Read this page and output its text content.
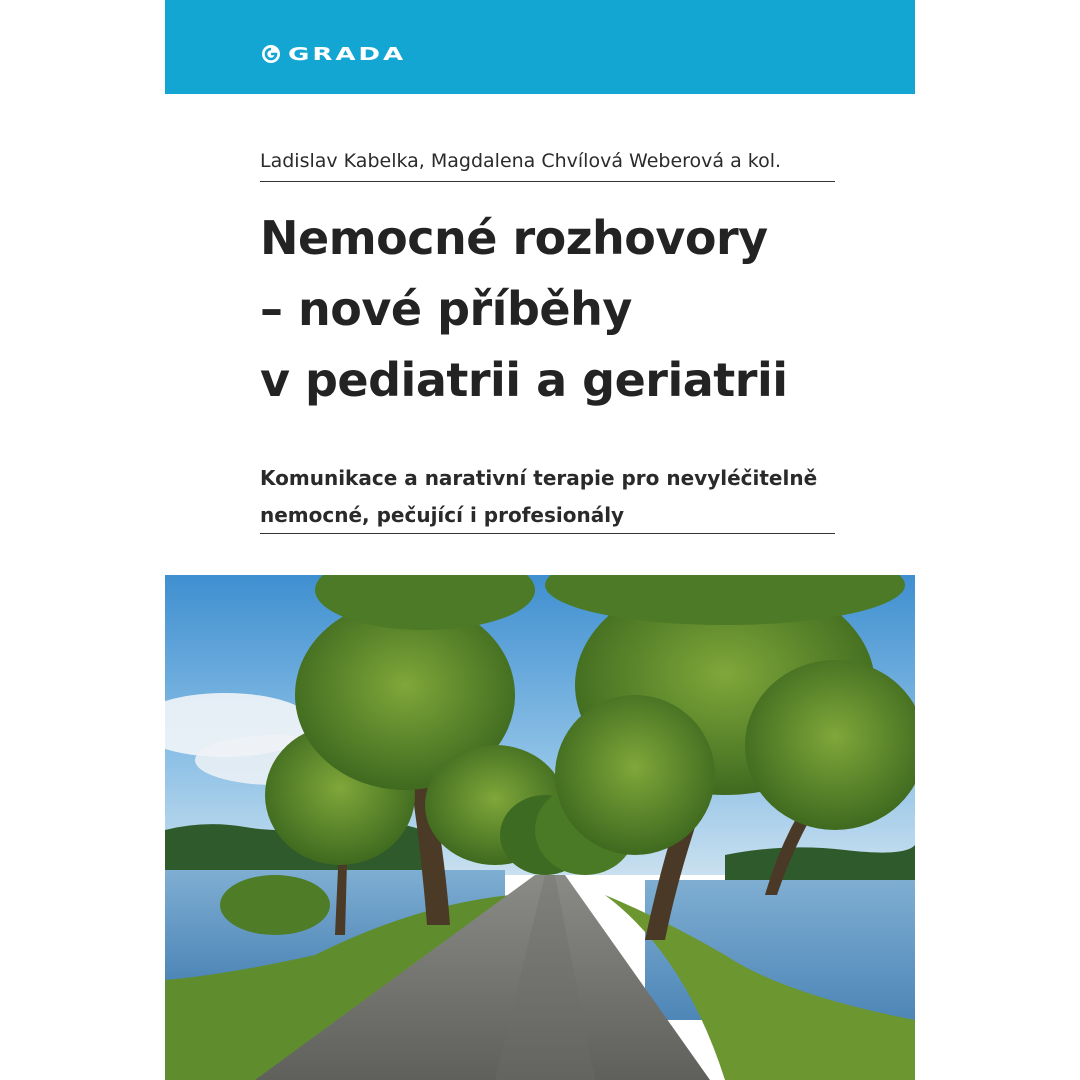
GRADA
Ladislav Kabelka, Magdalena Chvílová Weberová a kol.
Nemocné rozhovory
– nové příběhy
v pediatrii a geriatrii

Komunikace a narativní terapie pro nevyléčitelně
nemocné, pečující i profesionály
